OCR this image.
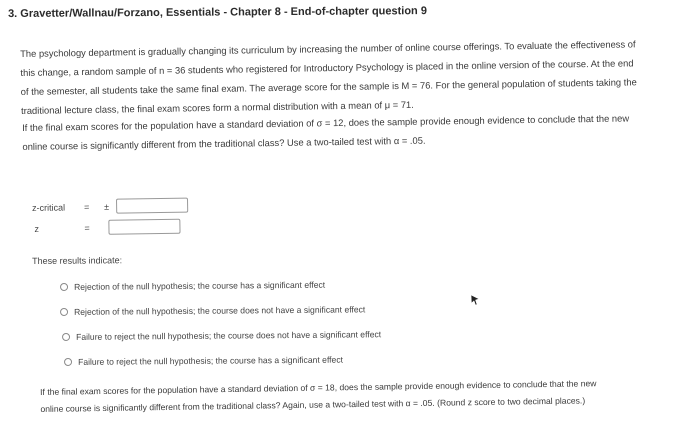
3. Gravetter/Wallnau/Forzano, Essentials - Chapter 8 - End-of-chapter question 9
The psychology department is gradually changing its curriculum by increasing the number of online course offerings. To evaluate the effectiveness of
this change, a random sample of n = 36 students who registered for Introductory Psychology is placed in the online version of the course. At the end
of the semester, all students take the same final exam. The average score for the sample is M = 76. For the general population of students taking the
traditional lecture class, the final exam scores form a normal distribution with a mean of μ = 71.
If the final exam scores for the population have a standard deviation of σ = 12, does the sample provide enough evidence to conclude that the new
online course is significantly different from the traditional class? Use a two-tailed test with α = .05.
z-critical = ±
z	=
These results indicate:
Rejection of the null hypothesis; the course has a significant effect
Rejection of the null hypothesis; the course does not have a significant effect
Failure to reject the null hypothesis; the course does not have a significant effect
Failure to reject the null hypothesis; the course has a significant effect
If the final exam scores for the population have a standard deviation of σ = 18, does the sample provide enough evidence to conclude that the new
online course is significantly different from the traditional class? Again, use a two-tailed test with α = .05. (Round z score to two decimal places.)
